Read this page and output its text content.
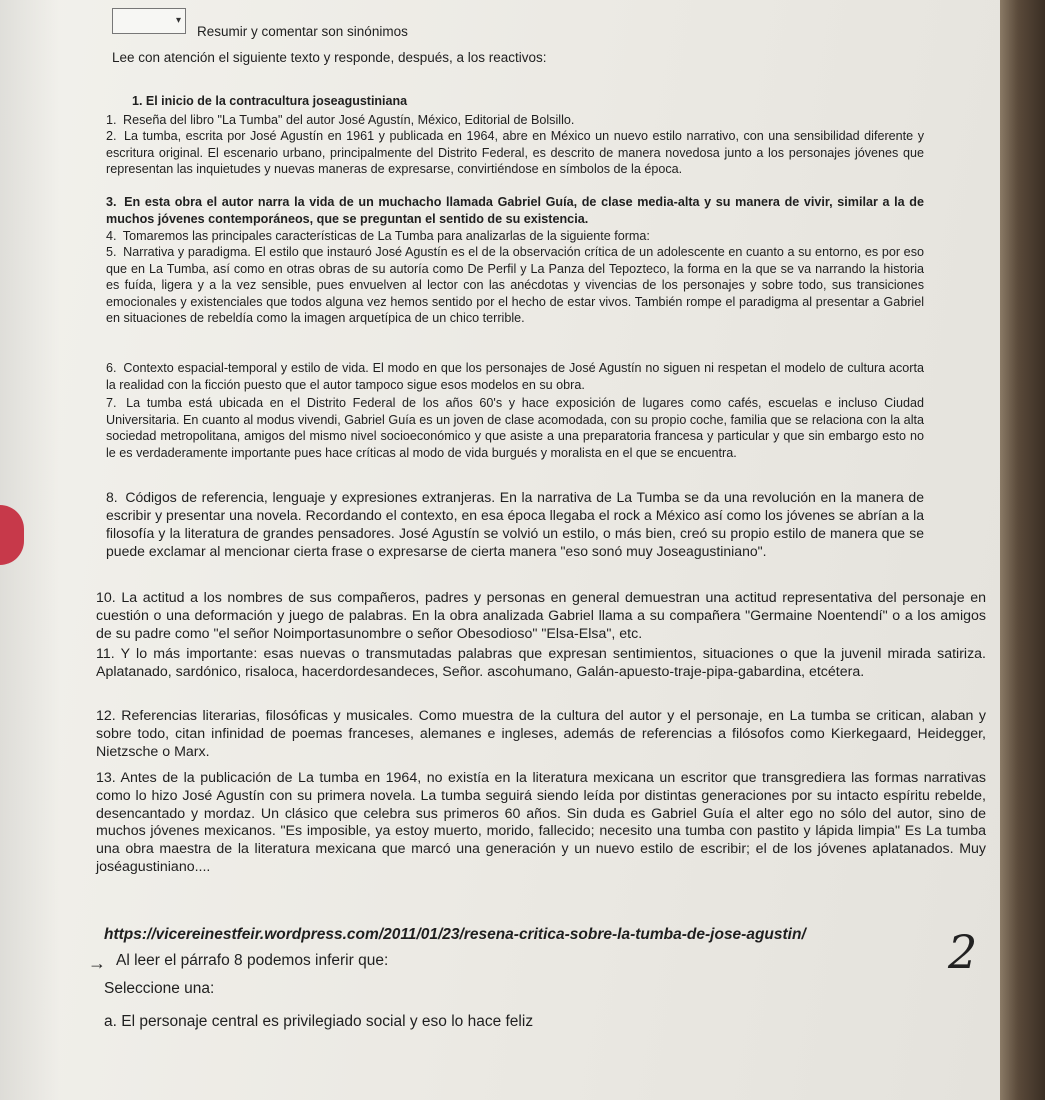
▾
Resumir y comentar son sinónimos
Lee con atención el siguiente texto y responde, después, a los reactivos:
1. El inicio de la contracultura joseagustiniana
1. Reseña del libro "La Tumba" del autor José Agustín, México, Editorial de Bolsillo.
2. La tumba, escrita por José Agustín en 1961 y publicada en 1964, abre en México un nuevo estilo narrativo, con una sensibilidad diferente y escritura original. El escenario urbano, principalmente del Distrito Federal, es descrito de manera novedosa junto a los personajes jóvenes que representan las inquietudes y nuevas maneras de expresarse, convirtiéndose en símbolos de la época.
3. En esta obra el autor narra la vida de un muchacho llamada Gabriel Guía, de clase media-alta y su manera de vivir, similar a la de muchos jóvenes contemporáneos, que se preguntan el sentido de su existencia.
4. Tomaremos las principales características de La Tumba para analizarlas de la siguiente forma:
5. Narrativa y paradigma. El estilo que instauró José Agustín es el de la observación crítica de un adolescente en cuanto a su entorno, es por eso que en La Tumba, así como en otras obras de su autoría como De Perfil y La Panza del Tepozteco, la forma en la que se va narrando la historia es fuída, ligera y a la vez sensible, pues envuelven al lector con las anécdotas y vivencias de los personajes y sobre todo, sus transiciones emocionales y existenciales que todos alguna vez hemos sentido por el hecho de estar vivos. También rompe el paradigma al presentar a Gabriel en situaciones de rebeldía como la imagen arquetípica de un chico terrible.
6. Contexto espacial-temporal y estilo de vida. El modo en que los personajes de José Agustín no siguen ni respetan el modelo de cultura acorta la realidad con la ficción puesto que el autor tampoco sigue esos modelos en su obra.
7. La tumba está ubicada en el Distrito Federal de los años 60's y hace exposición de lugares como cafés, escuelas e incluso Ciudad Universitaria. En cuanto al modus vivendi, Gabriel Guía es un joven de clase acomodada, con su propio coche, familia que se relaciona con la alta sociedad metropolitana, amigos del mismo nivel socioeconómico y que asiste a una preparatoria francesa y particular y que sin embargo esto no le es verdaderamente importante pues hace críticas al modo de vida burgués y moralista en el que se encuentra.
8. Códigos de referencia, lenguaje y expresiones extranjeras. En la narrativa de La Tumba se da una revolución en la manera de escribir y presentar una novela. Recordando el contexto, en esa época llegaba el rock a México así como los jóvenes se abrían a la filosofía y la literatura de grandes pensadores. José Agustín se volvió un estilo, o más bien, creó su propio estilo de manera que se puede exclamar al mencionar cierta frase o expresarse de cierta manera "eso sonó muy Joseagustiniano".
10. La actitud a los nombres de sus compañeros, padres y personas en general demuestran una actitud representativa del personaje en cuestión o una deformación y juego de palabras. En la obra analizada Gabriel llama a su compañera "Germaine Noentendí" o a los amigos de su padre como "el señor Noimportasunombre o señor Obesodioso" "Elsa-Elsa", etc.
11. Y lo más importante: esas nuevas o transmutadas palabras que expresan sentimientos, situaciones o que la juvenil mirada satiriza. Aplatanado, sardónico, risaloca, hacerdordesandeces, Señor. ascohumano, Galán-apuesto-traje-pipa-gabardina, etcétera.
12. Referencias literarias, filosóficas y musicales. Como muestra de la cultura del autor y el personaje, en La tumba se critican, alaban y sobre todo, citan infinidad de poemas franceses, alemanes e ingleses, además de referencias a filósofos como Kierkegaard, Heidegger, Nietzsche o Marx.
13. Antes de la publicación de La tumba en 1964, no existía en la literatura mexicana un escritor que transgrediera las formas narrativas como lo hizo José Agustín con su primera novela. La tumba seguirá siendo leída por distintas generaciones por su intacto espíritu rebelde, desencantado y mordaz. Un clásico que celebra sus primeros 60 años. Sin duda es Gabriel Guía el alter ego no sólo del autor, sino de muchos jóvenes mexicanos. "Es imposible, ya estoy muerto, morido, fallecido; necesito una tumba con pastito y lápida limpia" Es La tumba una obra maestra de la literatura mexicana que marcó una generación y un nuevo estilo de escribir; el de los jóvenes aplatanados. Muy joséagustiniano....
https://vicereinestfeir.wordpress.com/2011/01/23/resena-critica-sobre-la-tumba-de-jose-agustin/
→ Al leer el párrafo 8 podemos inferir que:	2
Seleccione una:
a. El personaje central es privilegiado social y eso lo hace feliz
